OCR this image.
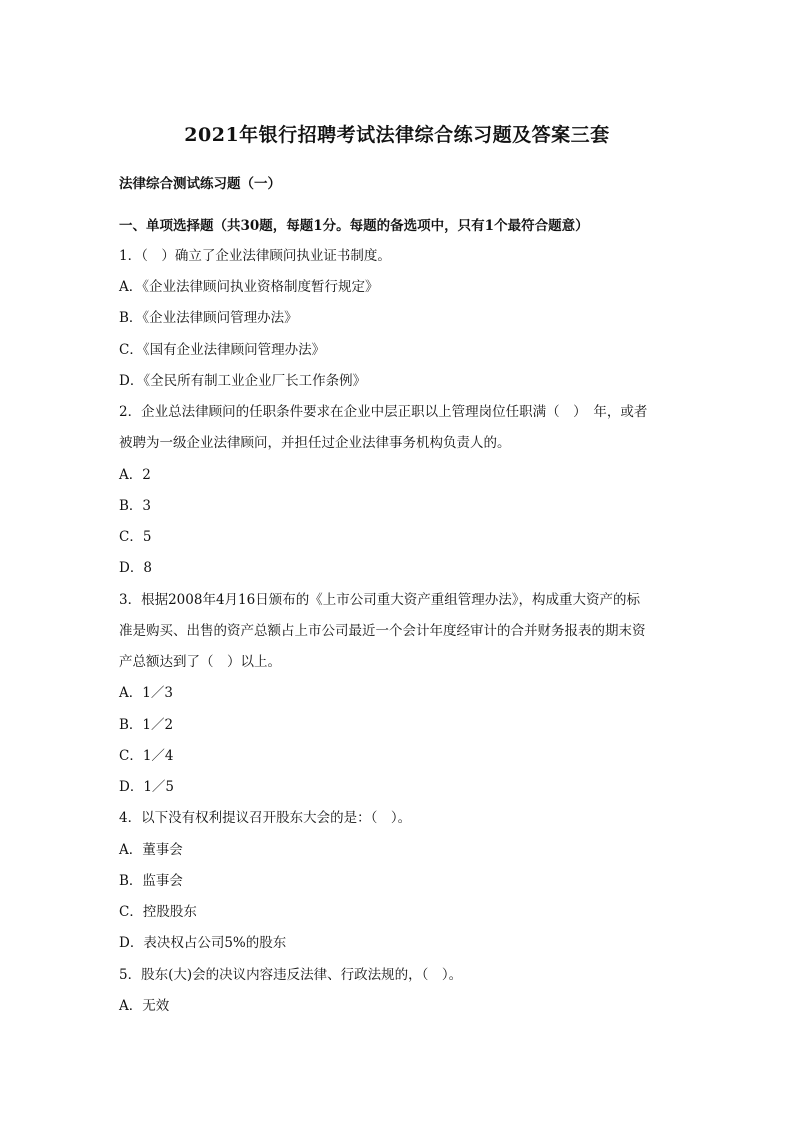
2021年银行招聘考试法律综合练习题及答案三套
法律综合测试练习题（一）
一、单项选择题（共30题，每题1分。每题的备选项中，只有1个最符合题意）
1．（　）确立了企业法律顾问执业证书制度。
A．《企业法律顾问执业资格制度暂行规定》
B．《企业法律顾问管理办法》
C．《国有企业法律顾问管理办法》
D．《全民所有制工业企业厂长工作条例》
2．企业总法律顾问的任职条件要求在企业中层正职以上管理岗位任职满（　）　年，或者
被聘为一级企业法律顾问，并担任过企业法律事务机构负责人的。
A．2
B．3
C．5
D．8
3．根据2008年4月16日颁布的《上市公司重大资产重组管理办法》，构成重大资产的标
准是购买、出售的资产总额占上市公司最近一个会计年度经审计的合并财务报表的期末资
产总额达到了（　）以上。
A．1／3
B．1／2
C．1／4
D．1／5
4．以下没有权利提议召开股东大会的是：（　）。
A．董事会
B．监事会
C．控股股东
D．表决权占公司5%的股东
5．股东(大)会的决议内容违反法律、行政法规的，（　）。
A．无效
